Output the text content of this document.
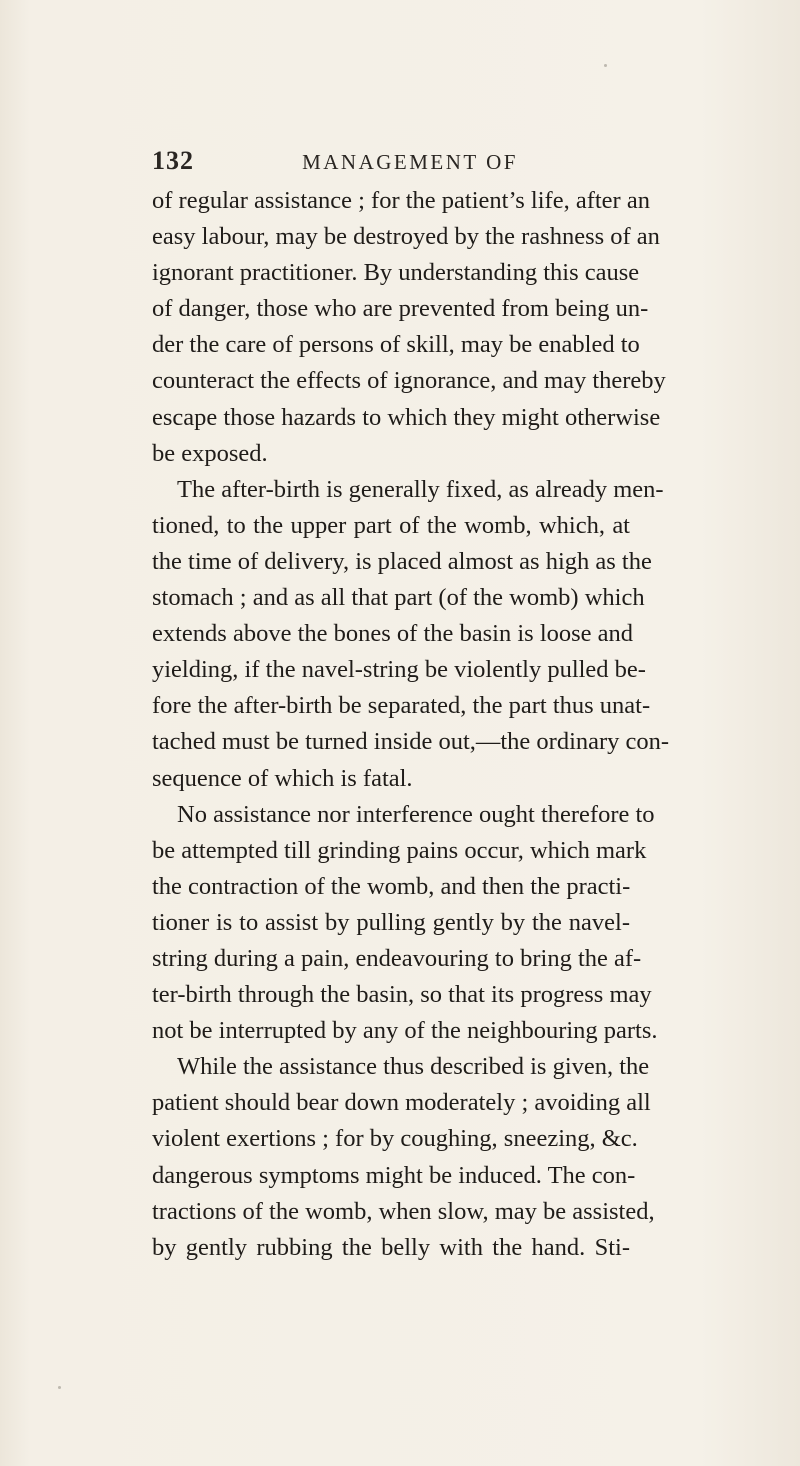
132	MANAGEMENT OF
of regular assistance ; for the patient’s life, after an
easy labour, may be destroyed by the rashness of an
ignorant practitioner. By understanding this cause
of danger, those who are prevented from being un-
der the care of persons of skill, may be enabled to
counteract the effects of ignorance, and may thereby
escape those hazards to which they might otherwise
be exposed.
The after-birth is generally fixed, as already men-
tioned, to the upper part of the womb, which, at
the time of delivery, is placed almost as high as the
stomach ; and as all that part (of the womb) which
extends above the bones of the basin is loose and
yielding, if the navel-string be violently pulled be-
fore the after-birth be separated, the part thus unat-
tached must be turned inside out,—the ordinary con-
sequence of which is fatal.
No assistance nor interference ought therefore to
be attempted till grinding pains occur, which mark
the contraction of the womb, and then the practi-
tioner is to assist by pulling gently by the navel-
string during a pain, endeavouring to bring the af-
ter-birth through the basin, so that its progress may
not be interrupted by any of the neighbouring parts.
While the assistance thus described is given, the
patient should bear down moderately ; avoiding all
violent exertions ; for by coughing, sneezing, &c.
dangerous symptoms might be induced. The con-
tractions of the womb, when slow, may be assisted,
by gently rubbing the belly with the hand. Sti-
